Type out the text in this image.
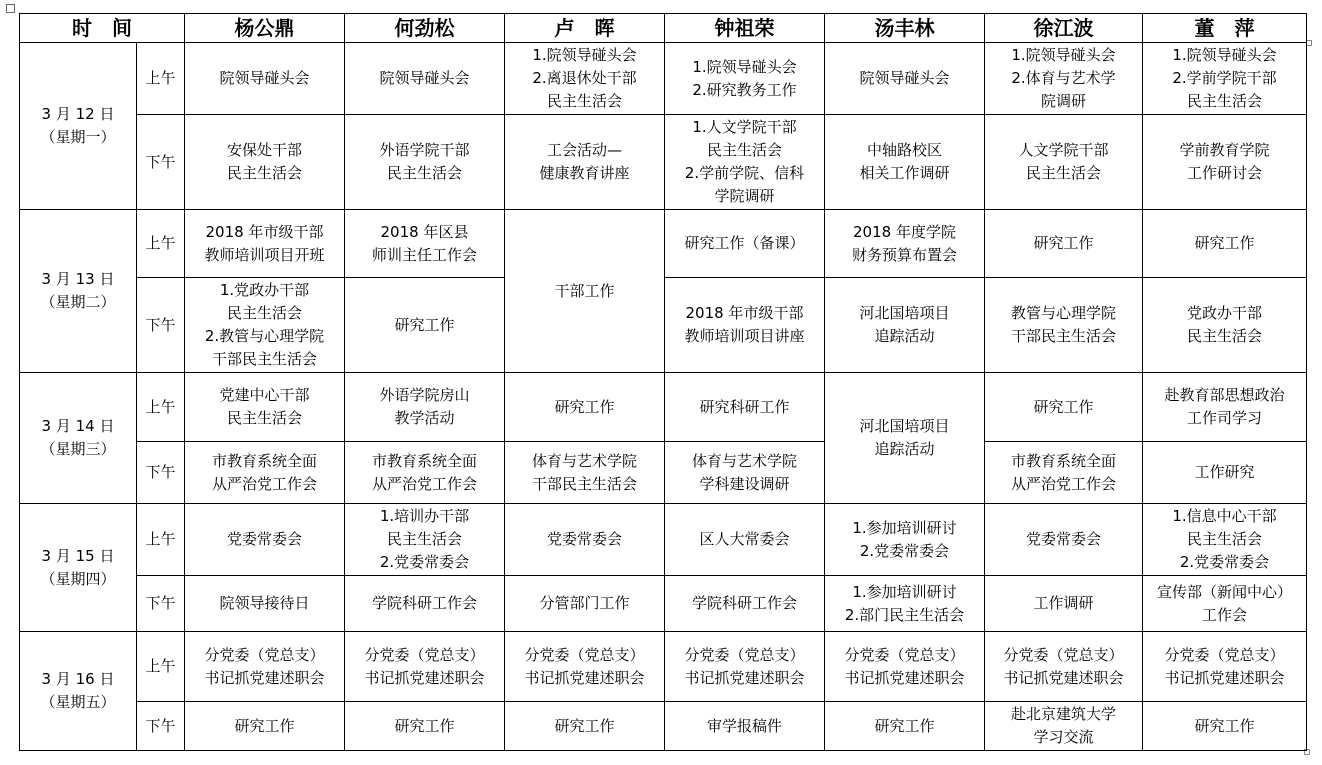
时　间		杨公鼎	何劲松	卢　晖	钟祖荣	汤丰林	徐江波	董　萍

3 月 12 日
（星期一）	上午	院领导碰头会	院领导碰头会	1.院领导碰头会
2.离退休处干部
民主生活会	1.院领导碰头会
2.研究教务工作	院领导碰头会	1.院领导碰头会
2.体育与艺术学
院调研	1.院领导碰头会
2.学前学院干部
民主生活会

	下午	安保处干部
民主生活会	外语学院干部
民主生活会	工会活动—
健康教育讲座	1.人文学院干部
民主生活会
2.学前学院、信科
学院调研	中轴路校区
相关工作调研	人文学院干部
民主生活会	学前教育学院
工作研讨会

3 月 13 日
（星期二）	上午	2018 年市级干部
教师培训项目开班	2018 年区县
师训主任工作会	干部工作	研究工作（备课）	2018 年度学院
财务预算布置会	研究工作	研究工作

	下午	1.党政办干部
民主生活会
2.教管与心理学院
干部民主生活会	研究工作		2018 年市级干部
教师培训项目讲座	河北国培项目
追踪活动	教管与心理学院
干部民主生活会	党政办干部
民主生活会

3 月 14 日
（星期三）	上午	党建中心干部
民主生活会	外语学院房山
教学活动	研究工作	研究科研工作	河北国培项目
追踪活动	研究工作	赴教育部思想政治
工作司学习

	下午	市教育系统全面
从严治党工作会	市教育系统全面
从严治党工作会	体育与艺术学院
干部民主生活会	体育与艺术学院
学科建设调研		市教育系统全面
从严治党工作会	工作研究

3 月 15 日
（星期四）	上午	党委常委会	1.培训办干部
民主生活会
2.党委常委会	党委常委会	区人大常委会	1.参加培训研讨
2.党委常委会	党委常委会	1.信息中心干部
民主生活会
2.党委常委会

	下午	院领导接待日	学院科研工作会	分管部门工作	学院科研工作会	1.参加培训研讨
2.部门民主生活会	工作调研	宣传部（新闻中心）
工作会

3 月 16 日
（星期五）	上午	分党委（党总支）
书记抓党建述职会	分党委（党总支）
书记抓党建述职会	分党委（党总支）
书记抓党建述职会	分党委（党总支）
书记抓党建述职会	分党委（党总支）
书记抓党建述职会	分党委（党总支）
书记抓党建述职会	分党委（党总支）
书记抓党建述职会

	下午	研究工作	研究工作	研究工作	审学报稿件	研究工作	赴北京建筑大学
学习交流	研究工作
